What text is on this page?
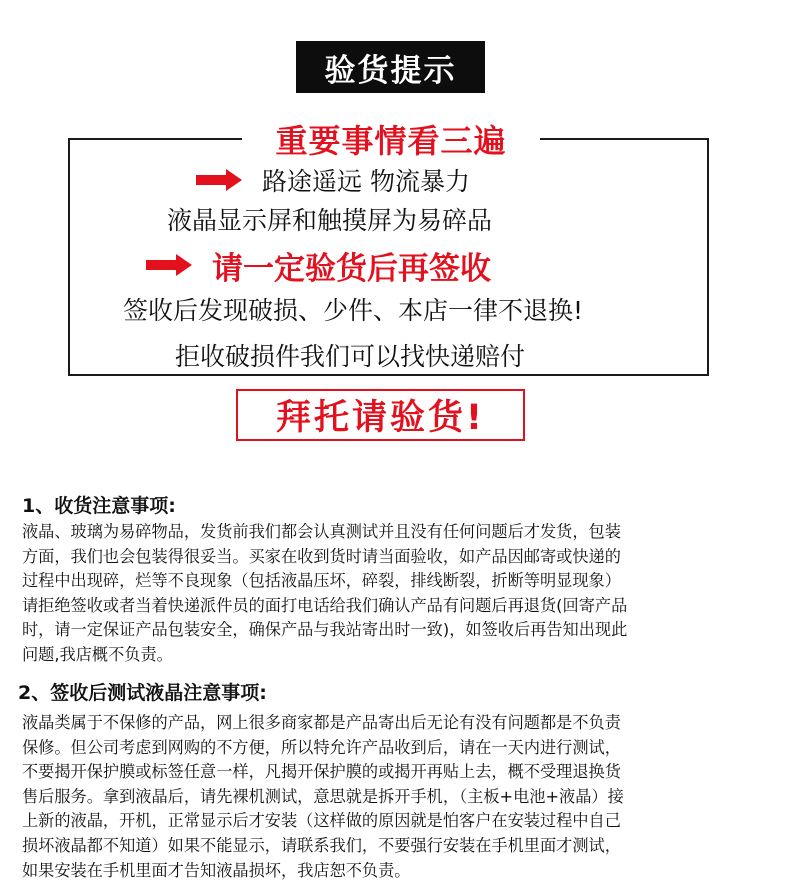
验货提示
重要事情看三遍
路途遥远 物流暴力
液晶显示屏和触摸屏为易碎品
请一定验货后再签收
签收后发现破损、少件、本店一律不退换!
拒收破损件我们可以找快递赔付
拜托请验货!
1、收货注意事项:
液晶、玻璃为易碎物品，发货前我们都会认真测试并且没有任何问题后才发货，包装
方面，我们也会包装得很妥当。买家在收到货时请当面验收，如产品因邮寄或快递的
过程中出现碎，烂等不良现象（包括液晶压坏，碎裂，排线断裂，折断等明显现象）
请拒绝签收或者当着快递派件员的面打电话给我们确认产品有问题后再退货(回寄产品
时，请一定保证产品包装安全，确保产品与我站寄出时一致)，如签收后再告知出现此
问题,我店概不负责。
2、签收后测试液晶注意事项:
液晶类属于不保修的产品，网上很多商家都是产品寄出后无论有没有问题都是不负责
保修。但公司考虑到网购的不方便，所以特允许产品收到后，请在一天内进行测试，
不要揭开保护膜或标签任意一样，凡揭开保护膜的或揭开再贴上去，概不受理退换货
售后服务。拿到液晶后，请先裸机测试，意思就是拆开手机，（主板+电池+液晶）接
上新的液晶，开机，正常显示后才安装（这样做的原因就是怕客户在安装过程中自己
损坏液晶都不知道）如果不能显示，请联系我们，不要强行安装在手机里面才测试，
如果安装在手机里面才告知液晶损坏，我店恕不负责。
